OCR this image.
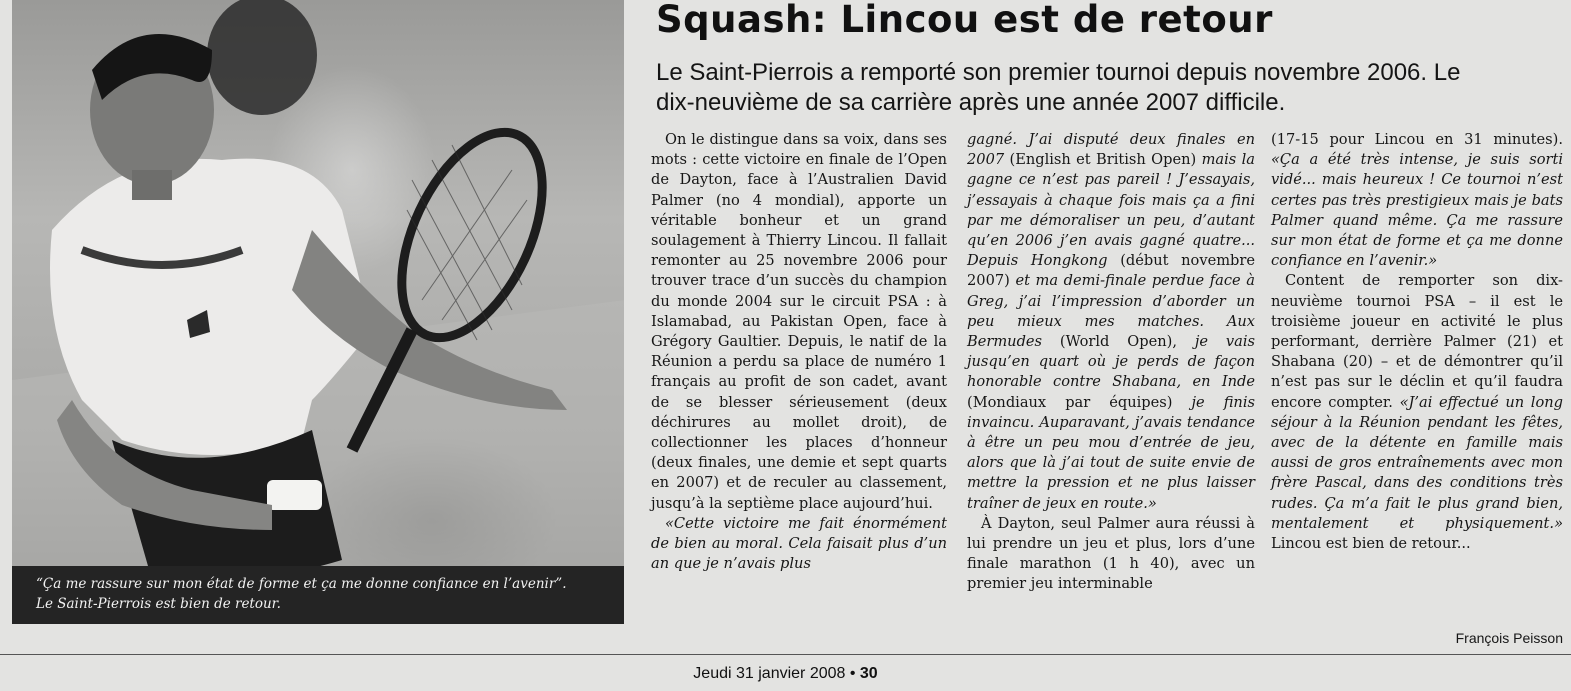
“Ça me rassure sur mon état de forme et ça me donne confiance en l’avenir”.
Le Saint-Pierrois est bien de retour.
Squash: Lincou est de retour
Le Saint-Pierrois a remporté son premier tournoi depuis novembre 2006. Le dix-neuvième de sa carrière après une année 2007 difficile.

On le distingue dans sa voix, dans ses mots : cette victoire en finale de l’Open de Dayton, face à l’Australien David Palmer (no 4 mondial), apporte un véritable bonheur et un grand soulagement à Thierry Lincou. Il fallait remonter au 25 novembre 2006 pour trouver trace d’un succès du champion du monde 2004 sur le circuit PSA : à Islamabad, au Pakistan Open, face à Grégory Gaultier. Depuis, le natif de la Réunion a perdu sa place de numéro 1 français au profit de son cadet, avant de se blesser sérieusement (deux déchirures au mollet droit), de collectionner les places d’honneur (deux finales, une demie et sept quarts en 2007) et de reculer au classement, jusqu’à la septième place aujourd’hui.

«Cette victoire me fait énormément de bien au moral. Cela faisait plus d’un an que je n’avais plus

gagné. J’ai disputé deux finales en 2007 (English et British Open) mais la gagne ce n’est pas pareil ! J’essayais, j’essayais à chaque fois mais ça a fini par me démoraliser un peu, d’autant qu’en 2006 j’en avais gagné quatre... Depuis Hongkong (début novembre 2007) et ma demi-finale perdue face à Greg, j’ai l’impression d’aborder un peu mieux mes matches. Aux Bermudes (World Open), je vais jusqu’en quart où je perds de façon honorable contre Shabana, en Inde (Mondiaux par équipes) je finis invaincu. Auparavant, j’avais tendance à être un peu mou d’entrée de jeu, alors que là j’ai tout de suite envie de mettre la pression et ne plus laisser traîner de jeux en route.»

À Dayton, seul Palmer aura réussi à lui prendre un jeu et plus, lors d’une finale marathon (1 h 40), avec un premier jeu interminable

(17-15 pour Lincou en 31 minutes). «Ça a été très intense, je suis sorti vidé... mais heureux ! Ce tournoi n’est certes pas très prestigieux mais je bats Palmer quand même. Ça me rassure sur mon état de forme et ça me donne confiance en l’avenir.»

Content de remporter son dix-neuvième tournoi PSA – il est le troisième joueur en activité le plus performant, derrière Palmer (21) et Shabana (20) – et de démontrer qu’il n’est pas sur le déclin et qu’il faudra encore compter. «J’ai effectué un long séjour à la Réunion pendant les fêtes, avec de la détente en famille mais aussi de gros entraînements avec mon frère Pascal, dans des conditions très rudes. Ça m’a fait le plus grand bien, mentalement et physiquement.» Lincou est bien de retour...

François Peisson
Jeudi 31 janvier 2008 • 30
